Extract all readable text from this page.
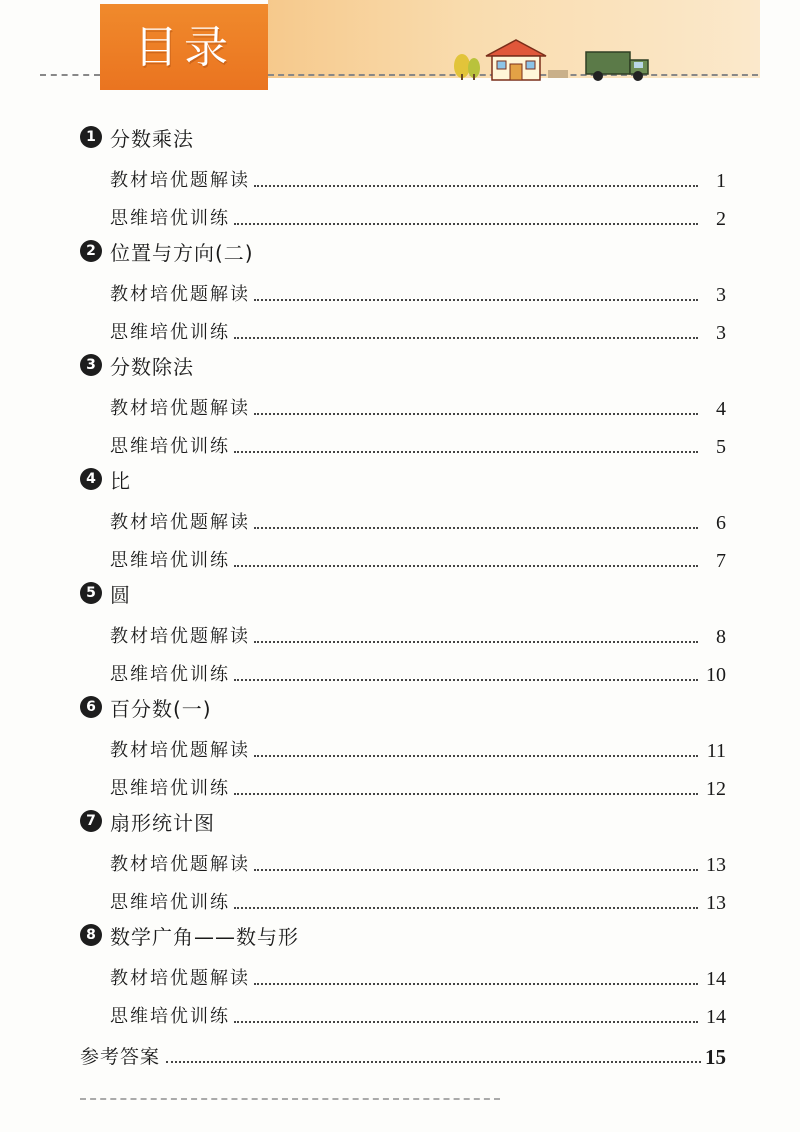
目录
1 分数乘法
教材培优题解读	1
思维培优训练	2
2 位置与方向(二)
教材培优题解读	3
思维培优训练	3
3 分数除法
教材培优题解读	4
思维培优训练	5
4 比
教材培优题解读	6
思维培优训练	7
5 圆
教材培优题解读	8
思维培优训练	10
6 百分数(一)
教材培优题解读	11
思维培优训练	12
7 扇形统计图
教材培优题解读	13
思维培优训练	13
8 数学广角——数与形
教材培优题解读	14
思维培优训练	14
参考答案	15
